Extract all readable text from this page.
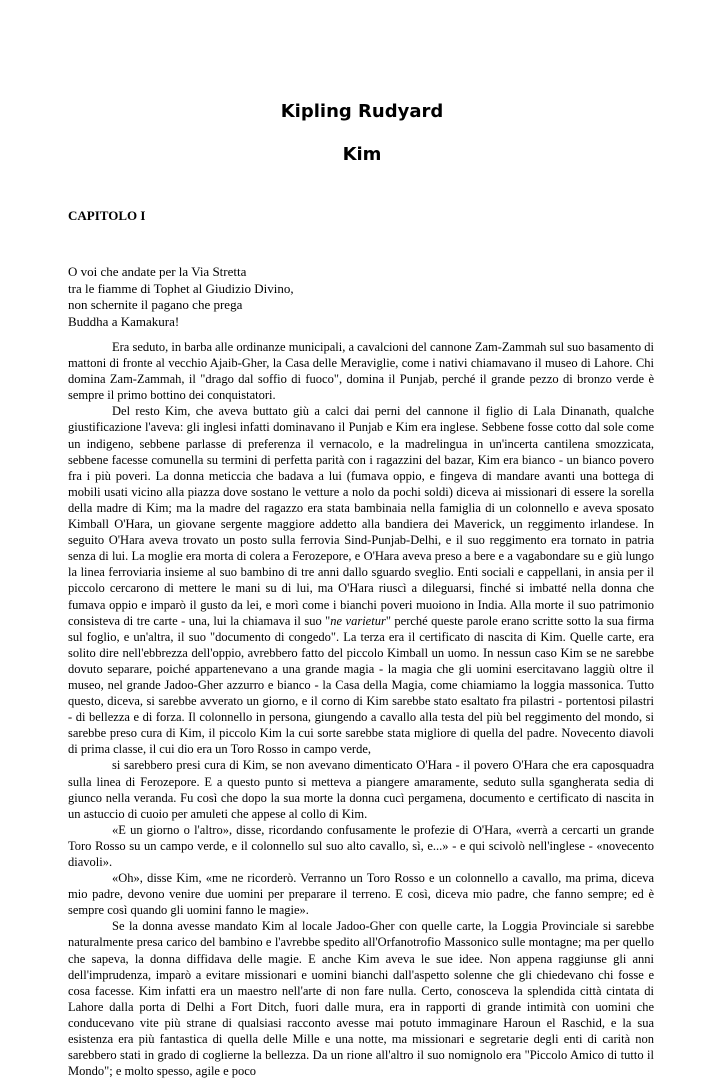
Kipling Rudyard
Kim
CAPITOLO I
O voi che andate per la Via Stretta
tra le fiamme di Tophet al Giudizio Divino,
non schernite il pagano che prega
Buddha a Kamakura!

Era seduto, in barba alle ordinanze municipali, a cavalcioni del cannone Zam-Zammah sul suo basamento di mattoni di fronte al vecchio Ajaib-Gher, la Casa delle Meraviglie, come i nativi chiamavano il museo di Lahore. Chi domina Zam-Zammah, il "drago dal soffio di fuoco", domina il Punjab, perché il grande pezzo di bronzo verde è sempre il primo bottino dei conquistatori.

Del resto Kim, che aveva buttato giù a calci dai perni del cannone il figlio di Lala Dinanath, qualche giustificazione l'aveva: gli inglesi infatti dominavano il Punjab e Kim era inglese. Sebbene fosse cotto dal sole come un indigeno, sebbene parlasse di preferenza il vernacolo, e la madrelingua in un'incerta cantilena smozzicata, sebbene facesse comunella su termini di perfetta parità con i ragazzini del bazar, Kim era bianco - un bianco povero fra i più poveri. La donna meticcia che badava a lui (fumava oppio, e fingeva di mandare avanti una bottega di mobili usati vicino alla piazza dove sostano le vetture a nolo da pochi soldi) diceva ai missionari di essere la sorella della madre di Kim; ma la madre del ragazzo era stata bambinaia nella famiglia di un colonnello e aveva sposato Kimball O'Hara, un giovane sergente maggiore addetto alla bandiera dei Maverick, un reggimento irlandese. In seguito O'Hara aveva trovato un posto sulla ferrovia Sind-Punjab-Delhi, e il suo reggimento era tornato in patria senza di lui. La moglie era morta di colera a Ferozepore, e O'Hara aveva preso a bere e a vagabondare su e giù lungo la linea ferroviaria insieme al suo bambino di tre anni dallo sguardo sveglio. Enti sociali e cappellani, in ansia per il piccolo cercarono di mettere le mani su di lui, ma O'Hara riuscì a dileguarsi, finché si imbatté nella donna che fumava oppio e imparò il gusto da lei, e morì come i bianchi poveri muoiono in India. Alla morte il suo patrimonio consisteva di tre carte - una, lui la chiamava il suo "ne varietur" perché queste parole erano scritte sotto la sua firma sul foglio, e un'altra, il suo "documento di congedo". La terza era il certificato di nascita di Kim. Quelle carte, era solito dire nell'ebbrezza dell'oppio, avrebbero fatto del piccolo Kimball un uomo. In nessun caso Kim se ne sarebbe dovuto separare, poiché appartenevano a una grande magia - la magia che gli uomini esercitavano laggiù oltre il museo, nel grande Jadoo-Gher azzurro e bianco - la Casa della Magia, come chiamiamo la loggia massonica. Tutto questo, diceva, si sarebbe avverato un giorno, e il corno di Kim sarebbe stato esaltato fra pilastri - portentosi pilastri - di bellezza e di forza. Il colonnello in persona, giungendo a cavallo alla testa del più bel reggimento del mondo, si sarebbe preso cura di Kim, il piccolo Kim la cui sorte sarebbe stata migliore di quella del padre. Novecento diavoli di prima classe, il cui dio era un Toro Rosso in campo verde,

si sarebbero presi cura di Kim, se non avevano dimenticato O'Hara - il povero O'Hara che era caposquadra sulla linea di Ferozepore. E a questo punto si metteva a piangere amaramente, seduto sulla sgangherata sedia di giunco nella veranda. Fu così che dopo la sua morte la donna cucì pergamena, documento e certificato di nascita in un astuccio di cuoio per amuleti che appese al collo di Kim.

«E un giorno o l'altro», disse, ricordando confusamente le profezie di O'Hara, «verrà a cercarti un grande Toro Rosso su un campo verde, e il colonnello sul suo alto cavallo, sì, e...» - e qui scivolò nell'inglese - «novecento diavoli».

«Oh», disse Kim, «me ne ricorderò. Verranno un Toro Rosso e un colonnello a cavallo, ma prima, diceva mio padre, devono venire due uomini per preparare il terreno. E così, diceva mio padre, che fanno sempre; ed è sempre così quando gli uomini fanno le magie».

Se la donna avesse mandato Kim al locale Jadoo-Gher con quelle carte, la Loggia Provinciale si sarebbe naturalmente presa carico del bambino e l'avrebbe spedito all'Orfanotrofio Massonico sulle montagne; ma per quello che sapeva, la donna diffidava delle magie. E anche Kim aveva le sue idee. Non appena raggiunse gli anni dell'imprudenza, imparò a evitare missionari e uomini bianchi dall'aspetto solenne che gli chiedevano chi fosse e cosa facesse. Kim infatti era un maestro nell'arte di non fare nulla. Certo, conosceva la splendida città cintata di Lahore dalla porta di Delhi a Fort Ditch, fuori dalle mura, era in rapporti di grande intimità con uomini che conducevano vite più strane di qualsiasi racconto avesse mai potuto immaginare Haroun el Raschid, e la sua esistenza era più fantastica di quella delle Mille e una notte, ma missionari e segretarie degli enti di carità non sarebbero stati in grado di coglierne la bellezza. Da un rione all'altro il suo nomignolo era "Piccolo Amico di tutto il Mondo"; e molto spesso, agile e poco
